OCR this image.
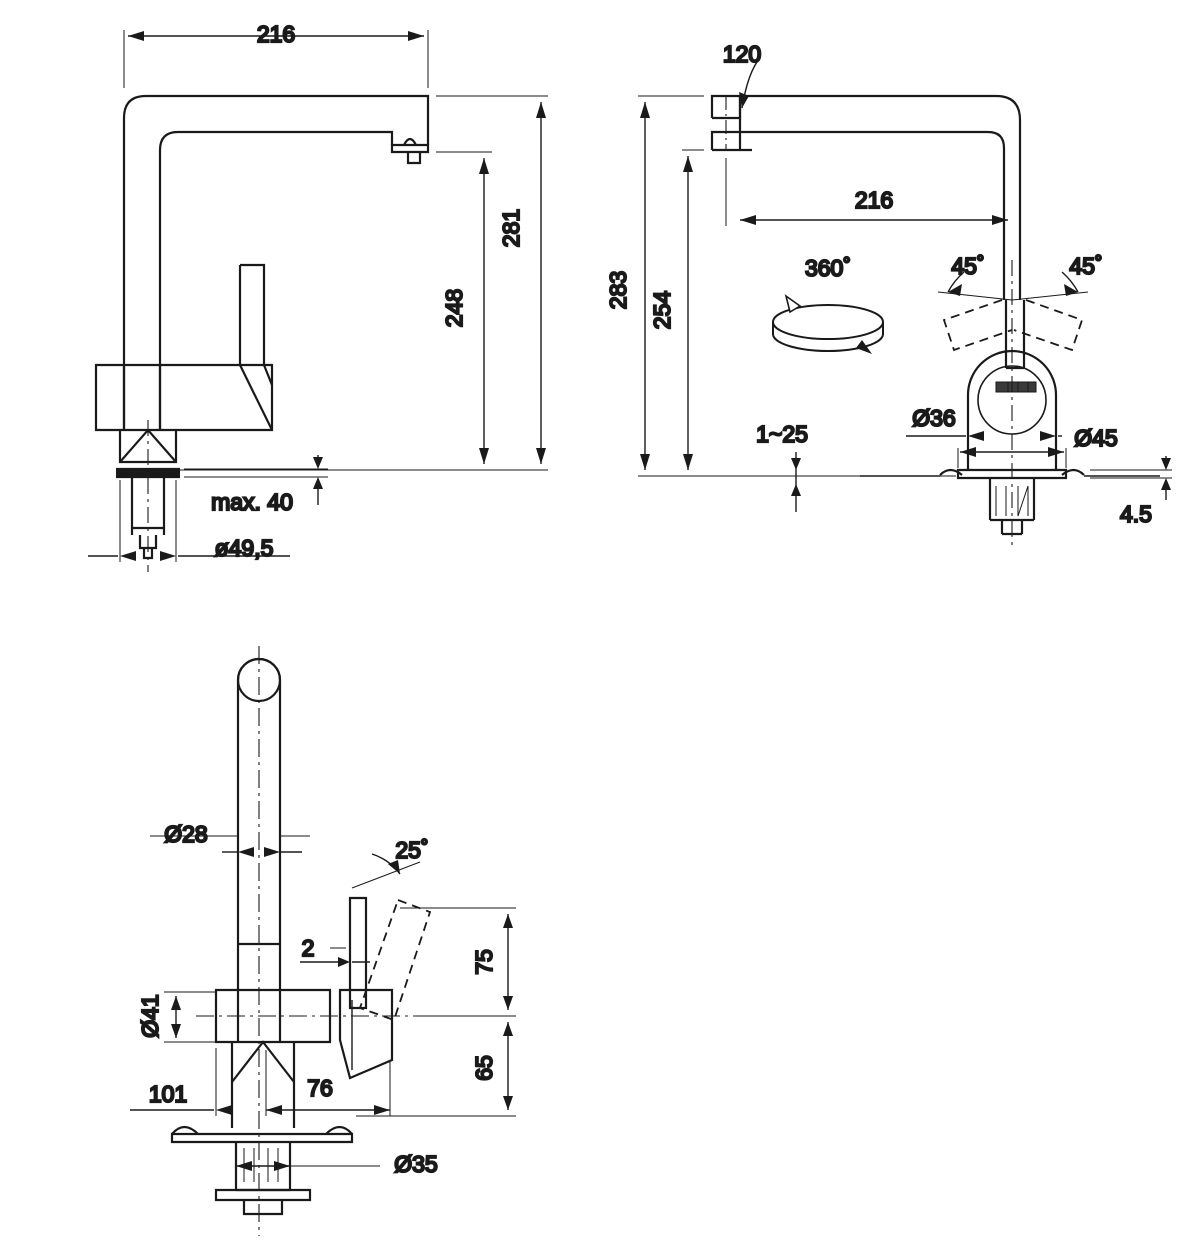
216
281
248
max. 40
ø49,5
120
283
254
216
360˚	45˚	45˚
Ø36
Ø45
1~25
4.5
Ø28
25˚
2
Ø41
75
65
101	76
Ø35
